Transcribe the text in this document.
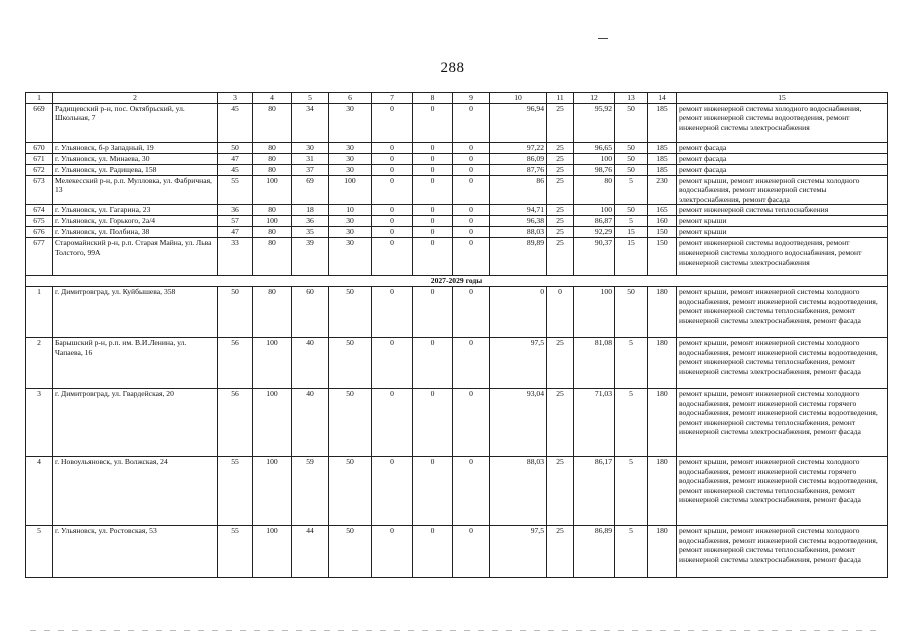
288
1	2	3	4	5	6	7	8	9	10	11	12	13	14	15
669	Радищевский р-н, пос. Октябрьский, ул. Школьная, 7	45	80	34	30	0	0	0	96,94	25	95,92	50	185	ремонт инженерной системы холодного водоснабжения, ремонт инженерной системы водоотведения, ремонт инженерной системы электроснабжения
670	г. Ульяновск, б-р Западный, 19	50	80	30	30	0	0	0	97,22	25	96,65	50	185	ремонт фасада
671	г. Ульяновск, ул. Минаева, 30	47	80	31	30	0	0	0	86,09	25	100	50	185	ремонт фасада
672	г. Ульяновск, ул. Радищева, 158	45	80	37	30	0	0	0	87,76	25	98,76	50	185	ремонт фасада
673	Мелекесский р-н, р.п. Мулловка, ул. Фабричная, 13	55	100	69	100	0	0	0	86	25	80	5	230	ремонт крыши, ремонт инженерной системы холодного водоснабжения, ремонт инженерной системы электроснабжения, ремонт фасада
674	г. Ульяновск, ул. Гагарина, 23	36	80	18	10	0	0	0	94,71	25	100	50	165	ремонт инженерной системы теплоснабжения
675	г. Ульяновск, ул. Горького, 2а/4	57	100	36	30	0	0	0	96,38	25	86,87	5	160	ремонт крыши
676	г. Ульяновск, ул. Полбина, 38	47	80	35	30	0	0	0	88,03	25	92,29	15	150	ремонт крыши
677	Старомайнский р-н, р.п. Старая Майна, ул. Льва Толстого, 99А	33	80	39	30	0	0	0	89,89	25	90,37	15	150	ремонт инженерной системы водоотведения, ремонт инженерной системы холодного водоснабжения, ремонт инженерной системы электроснабжения
2027-2029 годы														
1	г. Димитровград, ул. Куйбышева, 358	50	80	60	50	0	0	0	0	0	100	50	180	ремонт крыши, ремонт инженерной системы холодного водоснабжения, ремонт инженерной системы водоотведения, ремонт инженерной системы теплоснабжения, ремонт инженерной системы электроснабжения, ремонт фасада
2	Барышский р-н, р.п. им. В.И.Ленина, ул. Чапаева, 16	56	100	40	50	0	0	0	97,5	25	81,08	5	180	ремонт крыши, ремонт инженерной системы холодного водоснабжения, ремонт инженерной системы водоотведения, ремонт инженерной системы теплоснабжения, ремонт инженерной системы электроснабжения, ремонт фасада
3	г. Димитровград, ул. Гвардейская, 20	56	100	40	50	0	0	0	93,04	25	71,03	5	180	ремонт крыши, ремонт инженерной системы холодного водоснабжения, ремонт инженерной системы горячего водоснабжения, ремонт инженерной системы водоотведения, ремонт инженерной системы теплоснабжения, ремонт инженерной системы электроснабжения, ремонт фасада
4	г. Новоульяновск, ул. Волжская, 24	55	100	59	50	0	0	0	88,03	25	86,17	5	180	ремонт крыши, ремонт инженерной системы холодного водоснабжения, ремонт инженерной системы горячего водоснабжения, ремонт инженерной системы водоотведения, ремонт инженерной системы теплоснабжения, ремонт инженерной системы электроснабжения, ремонт фасада
5	г. Ульяновск, ул. Ростовская, 53	55	100	44	50	0	0	0	97,5	25	86,89	5	180	ремонт крыши, ремонт инженерной системы холодного водоснабжения, ремонт инженерной системы водоотведения, ремонт инженерной системы теплоснабжения, ремонт инженерной системы электроснабжения, ремонт фасада
